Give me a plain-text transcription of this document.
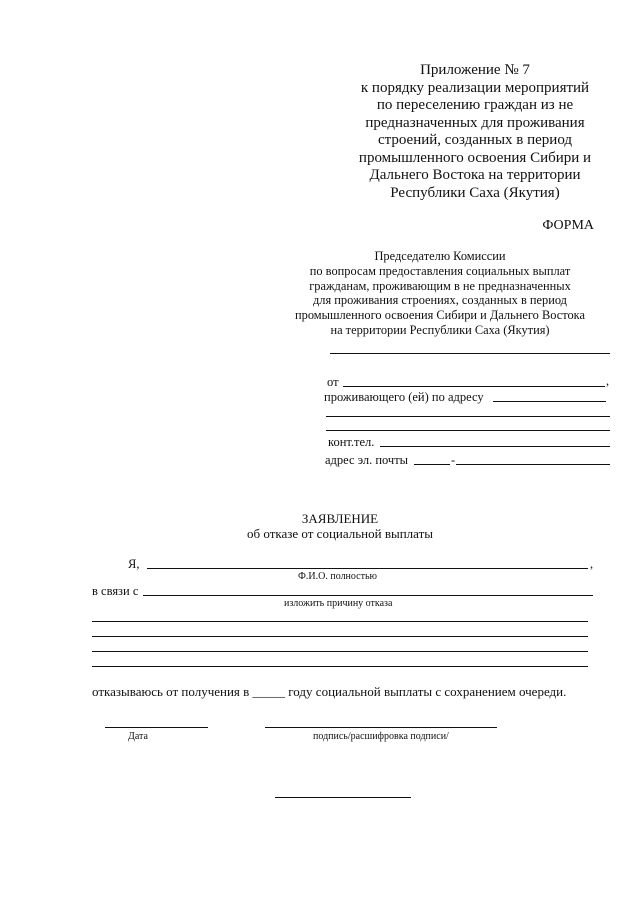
Приложение № 7
к порядку реализации мероприятий
по переселению граждан из не
предназначенных для проживания
строений, созданных в период
промышленного освоения Сибири и
Дальнего Востока на территории
Республики Саха (Якутия)
ФОРМА
Председателю Комиссии
по вопросам предоставления социальных выплат
гражданам, проживающим в не предназначенных
для проживания строениях, созданных в период
промышленного освоения Сибири и Дальнего Востока
на территории Республики Саха (Якутия)
от	,
проживающего (ей) по адресу
конт.тел.
адрес эл. почты	-
ЗАЯВЛЕНИЕ
об отказе от социальной выплаты
Я,	,
Ф.И.О. полностью
в связи с
изложить причину отказа
отказываюсь от получения в _____ году социальной выплаты с сохранением очереди.
Дата	подпись/расшифровка подписи/
